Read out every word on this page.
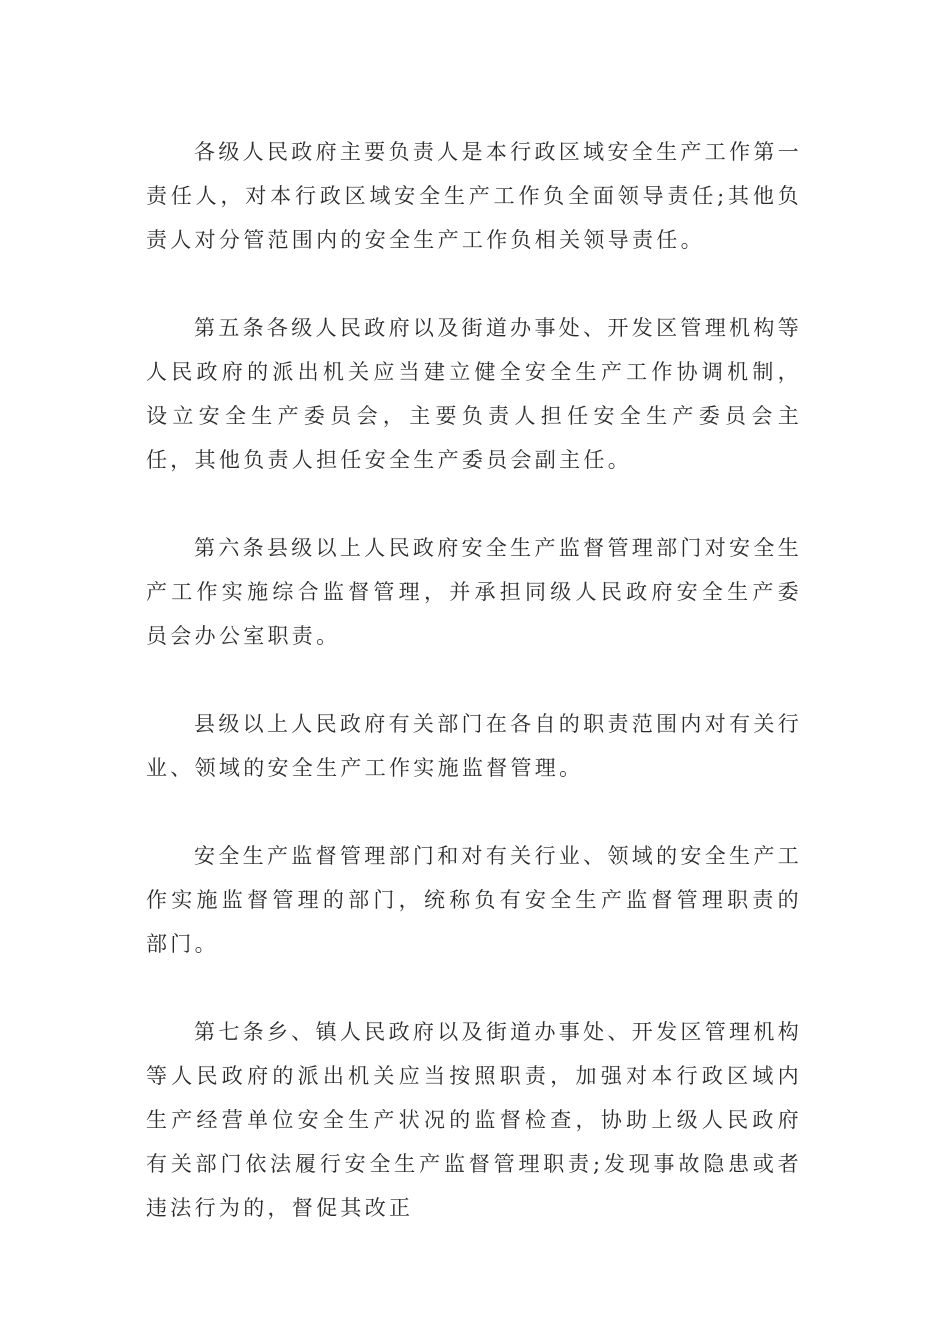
各级人民政府主要负责人是本行政区域安全生产工作第一责任人，对本行政区域安全生产工作负全面领导责任;其他负责人对分管范围内的安全生产工作负相关领导责任。

第五条各级人民政府以及街道办事处、开发区管理机构等人民政府的派出机关应当建立健全安全生产工作协调机制，设立安全生产委员会，主要负责人担任安全生产委员会主任，其他负责人担任安全生产委员会副主任。

第六条县级以上人民政府安全生产监督管理部门对安全生产工作实施综合监督管理，并承担同级人民政府安全生产委员会办公室职责。

县级以上人民政府有关部门在各自的职责范围内对有关行业、领域的安全生产工作实施监督管理。

安全生产监督管理部门和对有关行业、领域的安全生产工作实施监督管理的部门，统称负有安全生产监督管理职责的部门。

第七条乡、镇人民政府以及街道办事处、开发区管理机构等人民政府的派出机关应当按照职责，加强对本行政区域内生产经营单位安全生产状况的监督检查，协助上级人民政府有关部门依法履行安全生产监督管理职责;发现事故隐患或者违法行为的，督促其改正
